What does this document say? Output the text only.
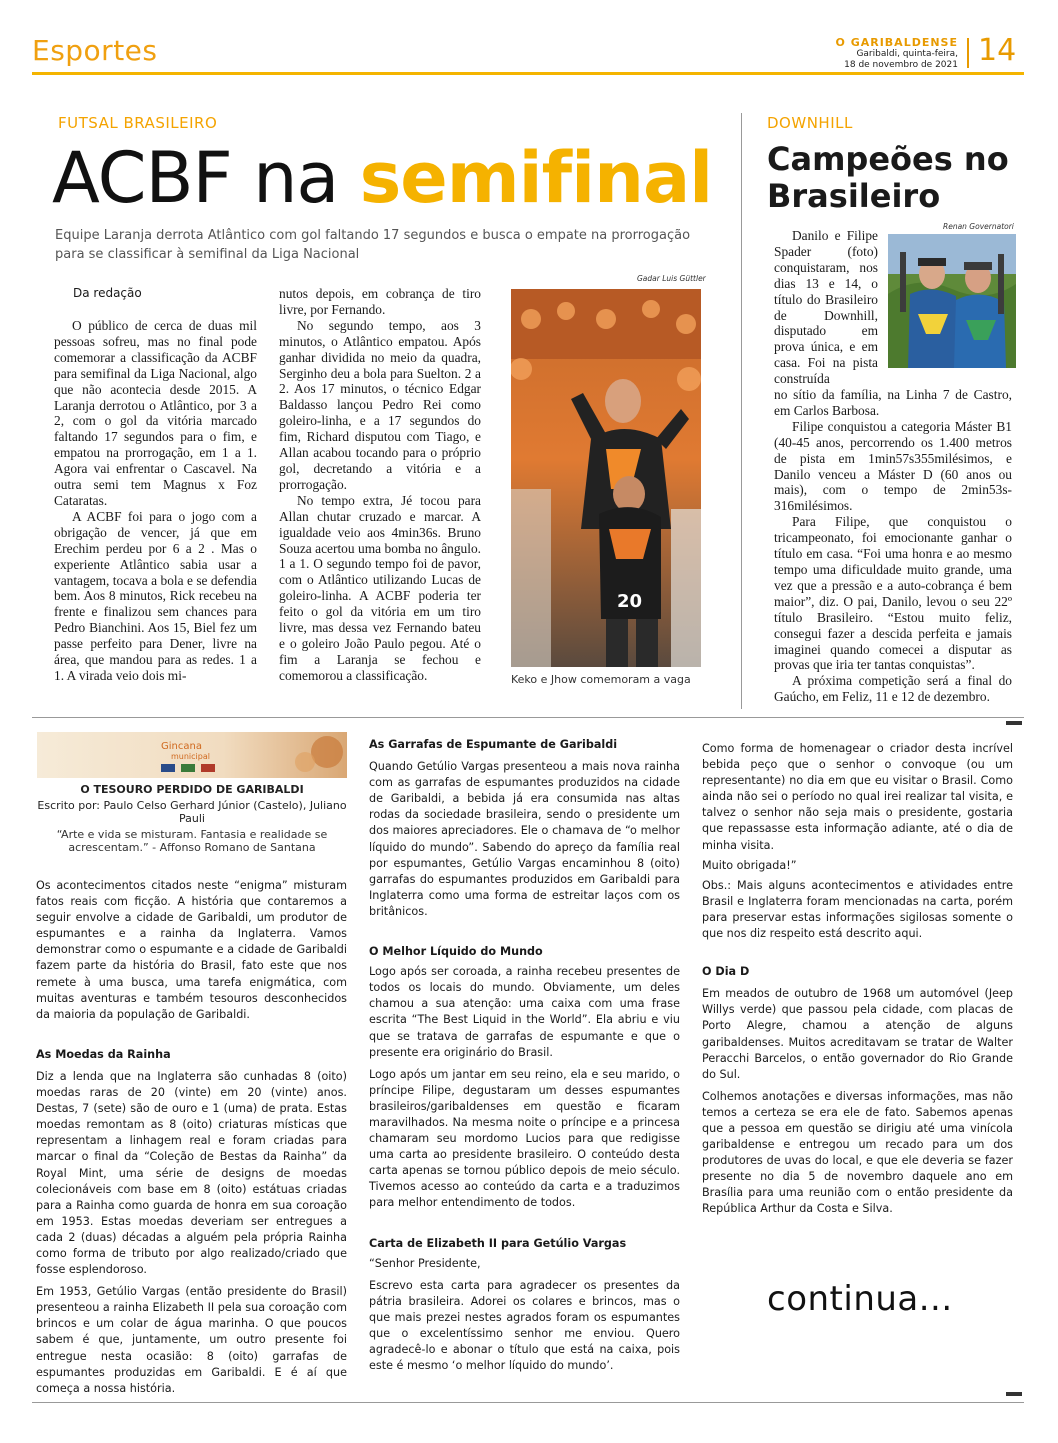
Esportes	O GARIBALDENSE
Garibaldi, quinta-feira,
18 de novembro de 2021 14
FUTSAL BRASILEIRO
ACBF na semifinal
Equipe Laranja derrota Atlântico com gol faltando 17 segundos e busca o empate na prorrogação para se classificar à semifinal da Liga Nacional
Da redação

O público de cerca de duas mil pessoas sofreu, mas no final pode comemorar a classificação da ACBF para semifinal da Liga Nacional, algo que não acontecia desde 2015. A Laranja derrotou o Atlântico, por 3 a 2, com o gol da vitória marcado faltando 17 segundos para o fim, e empatou na prorrogação, em 1 a 1. Agora vai enfrentar o Cascavel. Na outra semi tem Magnus x Foz Cataratas.

A ACBF foi para o jogo com a obrigação de vencer, já que em Erechim perdeu por 6 a 2 . Mas o experiente Atlântico sabia usar a vantagem, tocava a bola e se defendia bem. Aos 8 minutos, Rick recebeu na frente e finalizou sem chances para Pedro Bianchini. Aos 15, Biel fez um passe perfeito para Dener, livre na área, que mandou para as redes. 1 a 1. A virada veio dois mi-

nutos depois, em cobrança de tiro livre, por Fernando.

No segundo tempo, aos 3 minutos, o Atlântico empatou. Após ganhar dividida no meio da quadra, Serginho deu a bola para Suelton. 2 a 2. Aos 17 minutos, o técnico Edgar Baldasso lançou Pedro Rei como goleiro-linha, e a 17 segundos do fim, Richard disputou com Tiago, e Allan acabou tocando para o próprio gol, decretando a vitória e a prorrogação.

No tempo extra, Jé tocou para Allan chutar cruzado e marcar. A igualdade veio aos 4min36s. Bruno Souza acertou uma bomba no ângulo. 1 a 1. O segundo tempo foi de pavor, com o Atlântico utilizando Lucas de goleiro-linha. A ACBF poderia ter feito o gol da vitória em um tiro livre, mas dessa vez Fernando bateu e o goleiro João Paulo pegou. Até o fim a Laranja se fechou e comemorou a classificação.

Gadar Luis Güttler
20
Keko e Jhow comemoram a vaga
DOWNHILL
Campeões no Brasileiro
Renan Governatori

Danilo e Filipe Spader (foto) conquistaram, nos dias 13 e 14, o título do Brasileiro de Downhill, disputado em prova única, e em casa. Foi na pista construída

no sítio da família, na Linha 7 de Castro, em Carlos Barbosa.

Filipe conquistou a categoria Máster B1 (40-45 anos, percorrendo os 1.400 metros de pista em 1min57s355milésimos, e Danilo venceu a Máster D (60 anos ou mais), com o tempo de 2min53s-316milésimos.

Para Filipe, que conquistou o tricampeonato, foi emocionante ganhar o título em casa. “Foi uma honra e ao mesmo tempo uma dificuldade muito grande, uma vez que a pressão e a auto-cobrança é bem maior”, diz. O pai, Danilo, levou o seu 22º título Brasileiro. “Estou muito feliz, consegui fazer a descida perfeita e jamais imaginei quando comecei a disputar as provas que iria ter tantas conquistas”.

A próxima competição será a final do Gaúcho, em Feliz, 11 e 12 de dezembro.

Gincana
municipal
O TESOURO PERDIDO DE GARIBALDI
Escrito por: Paulo Celso Gerhard Júnior (Castelo), Juliano Pauli
“Arte e vida se misturam. Fantasia e realidade se acrescentam.” - Affonso Romano de Santana

Os acontecimentos citados neste “enigma” misturam fatos reais com ficção. A história que contaremos a seguir envolve a cidade de Garibaldi, um produtor de espumantes e a rainha da Inglaterra. Vamos demonstrar como o espumante e a cidade de Garibaldi fazem parte da história do Brasil, fato este que nos remete à uma busca, uma tarefa enigmática, com muitas aventuras e também tesouros desconhecidos da maioria da população de Garibaldi.

As Moedas da Rainha

Diz a lenda que na Inglaterra são cunhadas 8 (oito) moedas raras de 20 (vinte) em 20 (vinte) anos. Destas, 7 (sete) são de ouro e 1 (uma) de prata. Estas moedas remontam as 8 (oito) criaturas místicas que representam a linhagem real e foram criadas para marcar o final da “Coleção de Bestas da Rainha” da Royal Mint, uma série de designs de moedas colecionáveis com base em 8 (oito) estátuas criadas para a Rainha como guarda de honra em sua coroação em 1953. Estas moedas deveriam ser entregues a cada 2 (duas) décadas a alguém pela própria Rainha como forma de tributo por algo realizado/criado que fosse esplendoroso.

Em 1953, Getúlio Vargas (então presidente do Brasil) presenteou a rainha Elizabeth II pela sua coroação com brincos e um colar de água marinha. O que poucos sabem é que, juntamente, um outro presente foi entregue nesta ocasião: 8 (oito) garrafas de espumantes produzidas em Garibaldi. E é aí que começa a nossa história.

As Garrafas de Espumante de Garibaldi

Quando Getúlio Vargas presenteou a mais nova rainha com as garrafas de espumantes produzidos na cidade de Garibaldi, a bebida já era consumida nas altas rodas da sociedade brasileira, sendo o presidente um dos maiores apreciadores. Ele o chamava de “o melhor líquido do mundo”. Sabendo do apreço da família real por espumantes, Getúlio Vargas encaminhou 8 (oito) garrafas do espumantes produzidos em Garibaldi para Inglaterra como uma forma de estreitar laços com os britânicos.

O Melhor Líquido do Mundo

Logo após ser coroada, a rainha recebeu presentes de todos os locais do mundo. Obviamente, um deles chamou a sua atenção: uma caixa com uma frase escrita “The Best Liquid in the World”. Ela abriu e viu que se tratava de garrafas de espumante e que o presente era originário do Brasil.

Logo após um jantar em seu reino, ela e seu marido, o príncipe Filipe, degustaram um desses espumantes brasileiros/garibaldenses em questão e ficaram maravilhados. Na mesma noite o príncipe e a princesa chamaram seu mordomo Lucios para que redigisse uma carta ao presidente brasileiro. O conteúdo desta carta apenas se tornou público depois de meio século. Tivemos acesso ao conteúdo da carta e a traduzimos para melhor entendimento de todos.

Carta de Elizabeth II para Getúlio Vargas

“Senhor Presidente,

Escrevo esta carta para agradecer os presentes da pátria brasileira. Adorei os colares e brincos, mas o que mais prezei nestes agrados foram os espumantes que o excelentíssimo senhor me enviou. Quero agradecê-lo e abonar o título que está na caixa, pois este é mesmo ‘o melhor líquido do mundo’.

Como forma de homenagear o criador desta incrível bebida peço que o senhor o convoque (ou um representante) no dia em que eu visitar o Brasil. Como ainda não sei o período no qual irei realizar tal visita, e talvez o senhor não seja mais o presidente, gostaria que repassasse esta informação adiante, até o dia de minha visita.

Muito obrigada!”

Obs.: Mais alguns acontecimentos e atividades entre Brasil e Inglaterra foram mencionadas na carta, porém para preservar estas informações sigilosas somente o que nos diz respeito está descrito aqui.

O Dia D

Em meados de outubro de 1968 um automóvel (Jeep Willys verde) que passou pela cidade, com placas de Porto Alegre, chamou a atenção de alguns garibaldenses. Muitos acreditavam se tratar de Walter Peracchi Barcelos, o então governador do Rio Grande do Sul.

Colhemos anotações e diversas informações, mas não temos a certeza se era ele de fato. Sabemos apenas que a pessoa em questão se dirigiu até uma vinícola garibaldense e entregou um recado para um dos produtores de uvas do local, e que ele deveria se fazer presente no dia 5 de novembro daquele ano em Brasília para uma reunião com o então presidente da República Arthur da Costa e Silva.

continua...
